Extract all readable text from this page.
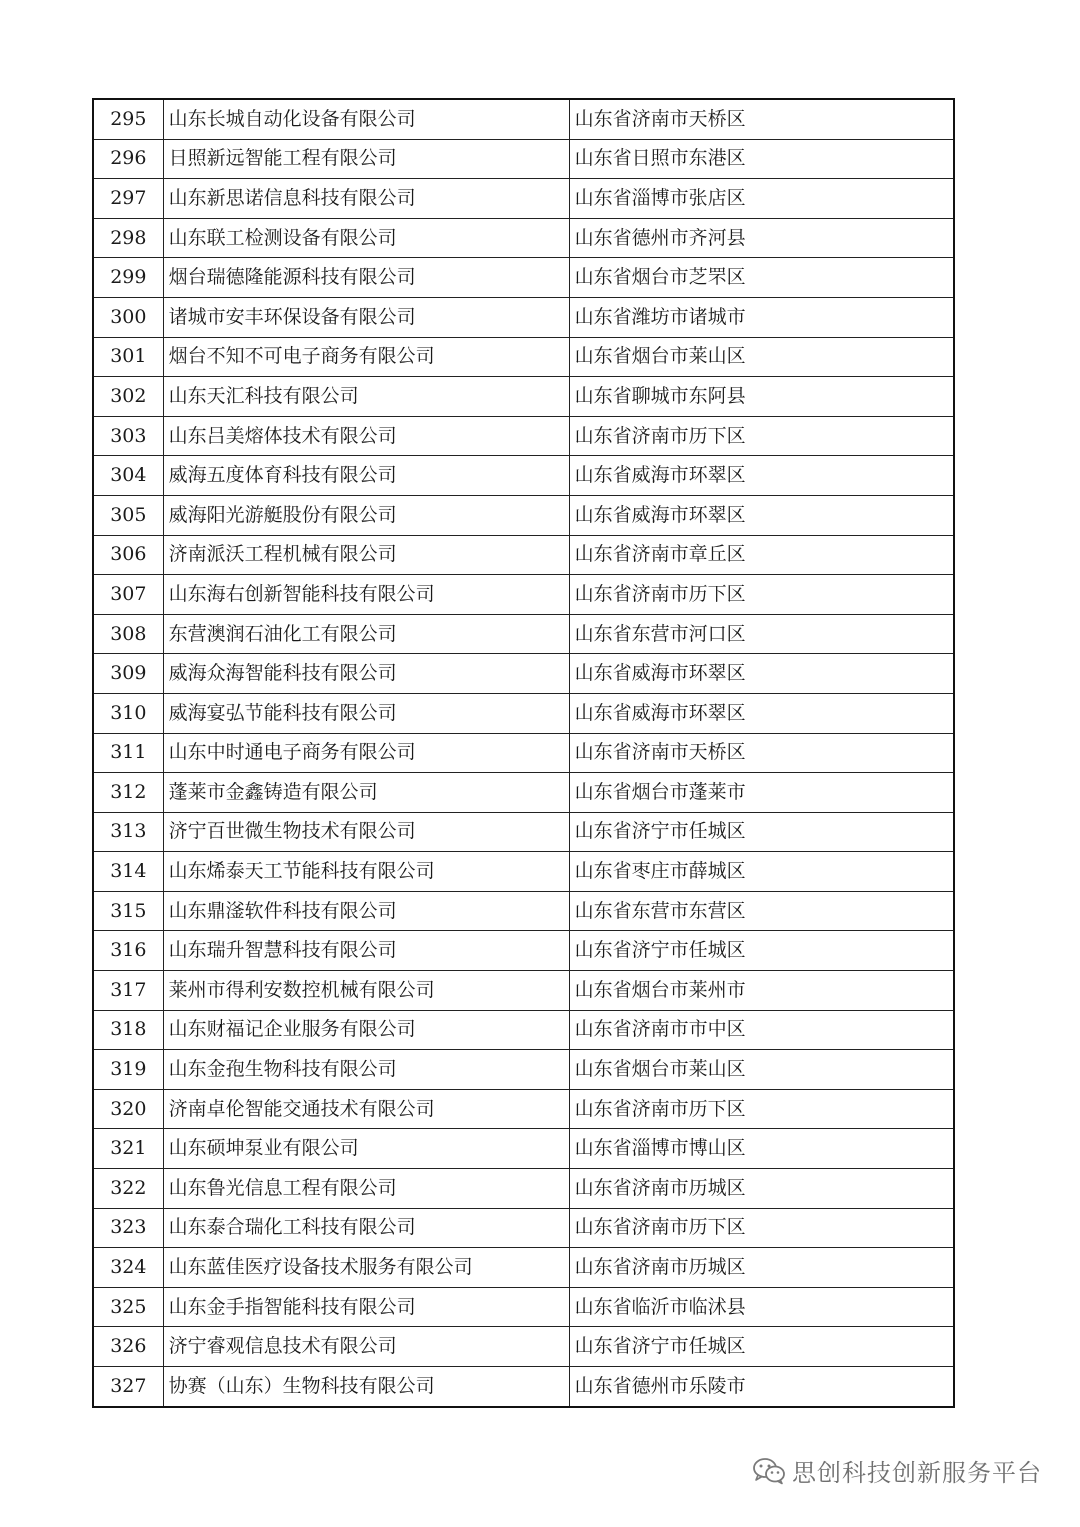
295	山东长城自动化设备有限公司	山东省济南市天桥区
296	日照新远智能工程有限公司	山东省日照市东港区
297	山东新思诺信息科技有限公司	山东省淄博市张店区
298	山东联工检测设备有限公司	山东省德州市齐河县
299	烟台瑞德隆能源科技有限公司	山东省烟台市芝罘区
300	诸城市安丰环保设备有限公司	山东省潍坊市诸城市
301	烟台不知不可电子商务有限公司	山东省烟台市莱山区
302	山东天汇科技有限公司	山东省聊城市东阿县
303	山东吕美熔体技术有限公司	山东省济南市历下区
304	威海五度体育科技有限公司	山东省威海市环翠区
305	威海阳光游艇股份有限公司	山东省威海市环翠区
306	济南派沃工程机械有限公司	山东省济南市章丘区
307	山东海右创新智能科技有限公司	山东省济南市历下区
308	东营澳润石油化工有限公司	山东省东营市河口区
309	威海众海智能科技有限公司	山东省威海市环翠区
310	威海宴弘节能科技有限公司	山东省威海市环翠区
311	山东中时通电子商务有限公司	山东省济南市天桥区
312	蓬莱市金鑫铸造有限公司	山东省烟台市蓬莱市
313	济宁百世微生物技术有限公司	山东省济宁市任城区
314	山东烯泰天工节能科技有限公司	山东省枣庄市薛城区
315	山东鼎滏软件科技有限公司	山东省东营市东营区
316	山东瑞升智慧科技有限公司	山东省济宁市任城区
317	莱州市得利安数控机械有限公司	山东省烟台市莱州市
318	山东财福记企业服务有限公司	山东省济南市市中区
319	山东金孢生物科技有限公司	山东省烟台市莱山区
320	济南卓伦智能交通技术有限公司	山东省济南市历下区
321	山东硕坤泵业有限公司	山东省淄博市博山区
322	山东鲁光信息工程有限公司	山东省济南市历城区
323	山东泰合瑞化工科技有限公司	山东省济南市历下区
324	山东蓝佳医疗设备技术服务有限公司	山东省济南市历城区
325	山东金手指智能科技有限公司	山东省临沂市临沭县
326	济宁睿观信息技术有限公司	山东省济宁市任城区
327	协赛（山东）生物科技有限公司	山东省德州市乐陵市
思创科技创新服务平台
